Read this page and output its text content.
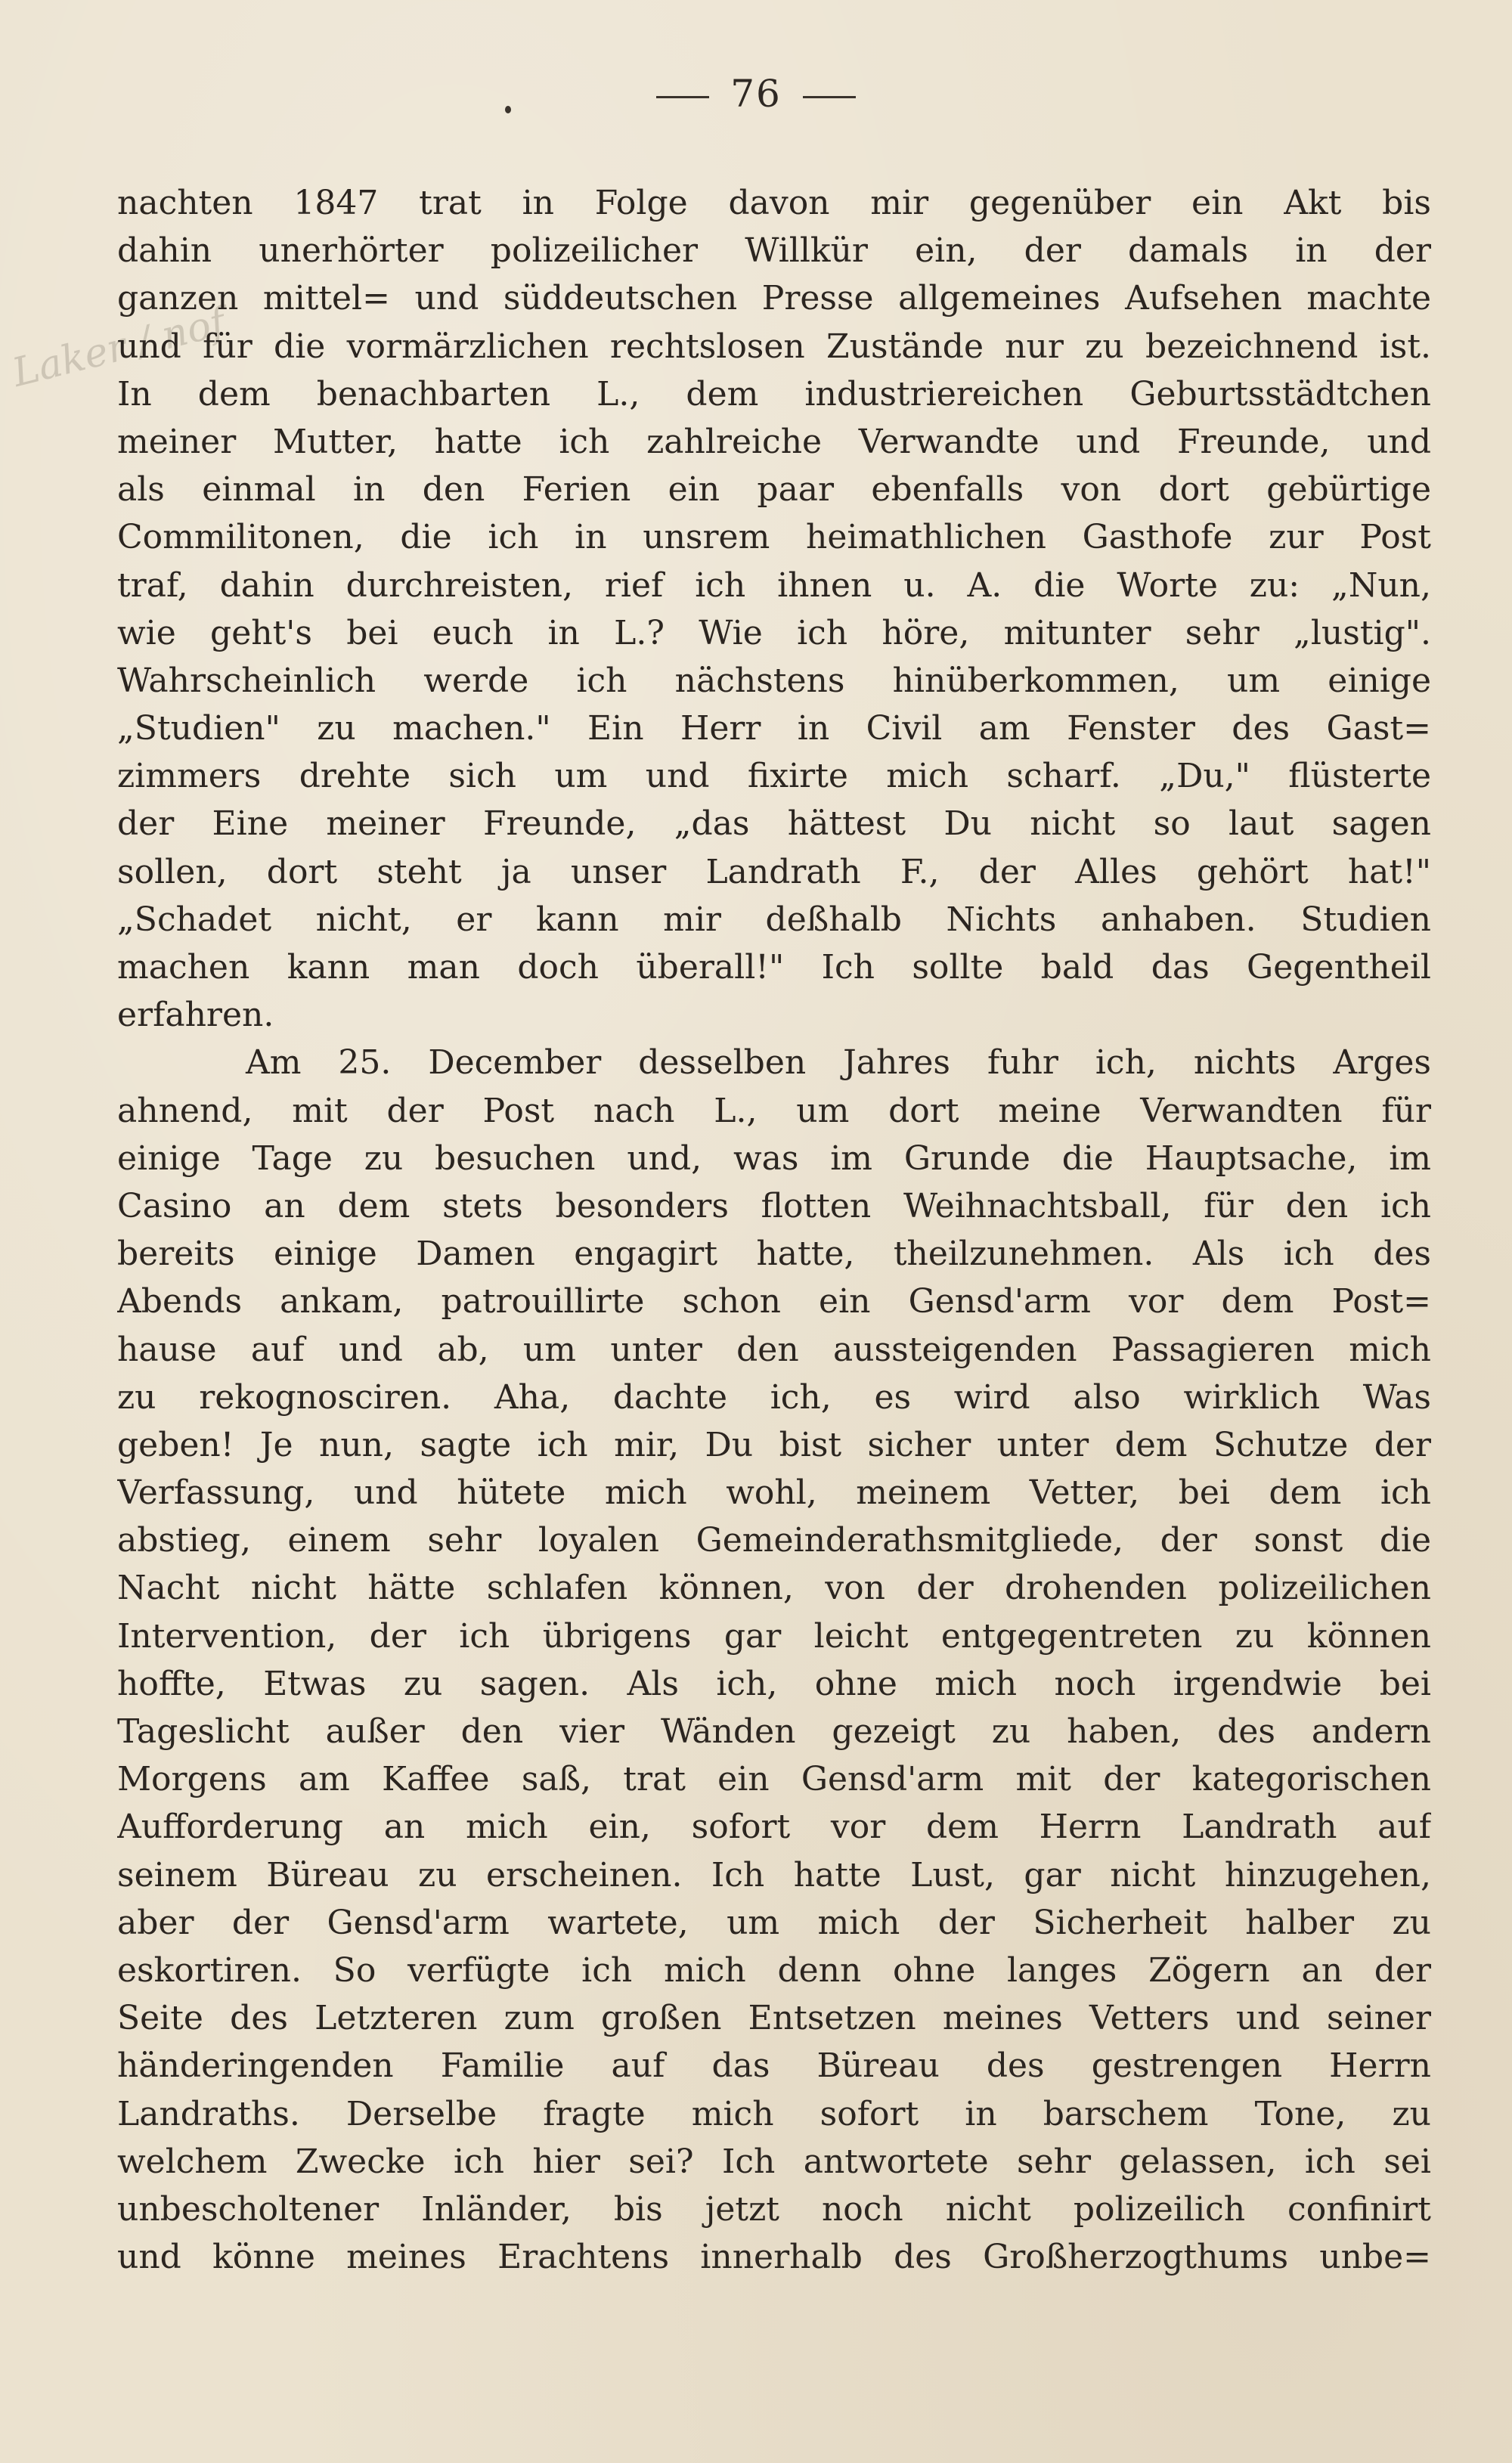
76
Laker / nof
nachten 1847 trat in Folge davon mir gegenüber ein Akt bis
dahin unerhörter polizeilicher Willkür ein, der damals in der
ganzen mittel= und süddeutschen Presse allgemeines Aufsehen machte
und für die vormärzlichen rechtslosen Zustände nur zu bezeichnend ist.
In dem benachbarten L., dem industriereichen Geburtsstädtchen
meiner Mutter, hatte ich zahlreiche Verwandte und Freunde, und
als einmal in den Ferien ein paar ebenfalls von dort gebürtige
Commilitonen, die ich in unsrem heimathlichen Gasthofe zur Post
traf, dahin durchreisten, rief ich ihnen u. A. die Worte zu: „Nun,
wie geht's bei euch in L.? Wie ich höre, mitunter sehr „lustig".
Wahrscheinlich werde ich nächstens hinüberkommen, um einige
„Studien" zu machen." Ein Herr in Civil am Fenster des Gast=
zimmers drehte sich um und fixirte mich scharf. „Du," flüsterte
der Eine meiner Freunde, „das hättest Du nicht so laut sagen
sollen, dort steht ja unser Landrath F., der Alles gehört hat!"
„Schadet nicht, er kann mir deßhalb Nichts anhaben. Studien
machen kann man doch überall!" Ich sollte bald das Gegentheil
erfahren.
Am 25. December desselben Jahres fuhr ich, nichts Arges
ahnend, mit der Post nach L., um dort meine Verwandten für
einige Tage zu besuchen und, was im Grunde die Hauptsache, im
Casino an dem stets besonders flotten Weihnachtsball, für den ich
bereits einige Damen engagirt hatte, theilzunehmen. Als ich des
Abends ankam, patrouillirte schon ein Gensd'arm vor dem Post=
hause auf und ab, um unter den aussteigenden Passagieren mich
zu rekognosciren. Aha, dachte ich, es wird also wirklich Was
geben! Je nun, sagte ich mir, Du bist sicher unter dem Schutze der
Verfassung, und hütete mich wohl, meinem Vetter, bei dem ich
abstieg, einem sehr loyalen Gemeinderathsmitgliede, der sonst die
Nacht nicht hätte schlafen können, von der drohenden polizeilichen
Intervention, der ich übrigens gar leicht entgegentreten zu können
hoffte, Etwas zu sagen. Als ich, ohne mich noch irgendwie bei
Tageslicht außer den vier Wänden gezeigt zu haben, des andern
Morgens am Kaffee saß, trat ein Gensd'arm mit der kategorischen
Aufforderung an mich ein, sofort vor dem Herrn Landrath auf
seinem Büreau zu erscheinen. Ich hatte Lust, gar nicht hinzugehen,
aber der Gensd'arm wartete, um mich der Sicherheit halber zu
eskortiren. So verfügte ich mich denn ohne langes Zögern an der
Seite des Letzteren zum großen Entsetzen meines Vetters und seiner
händeringenden Familie auf das Büreau des gestrengen Herrn
Landraths. Derselbe fragte mich sofort in barschem Tone, zu
welchem Zwecke ich hier sei? Ich antwortete sehr gelassen, ich sei
unbescholtener Inländer, bis jetzt noch nicht polizeilich confinirt
und könne meines Erachtens innerhalb des Großherzogthums unbe=
